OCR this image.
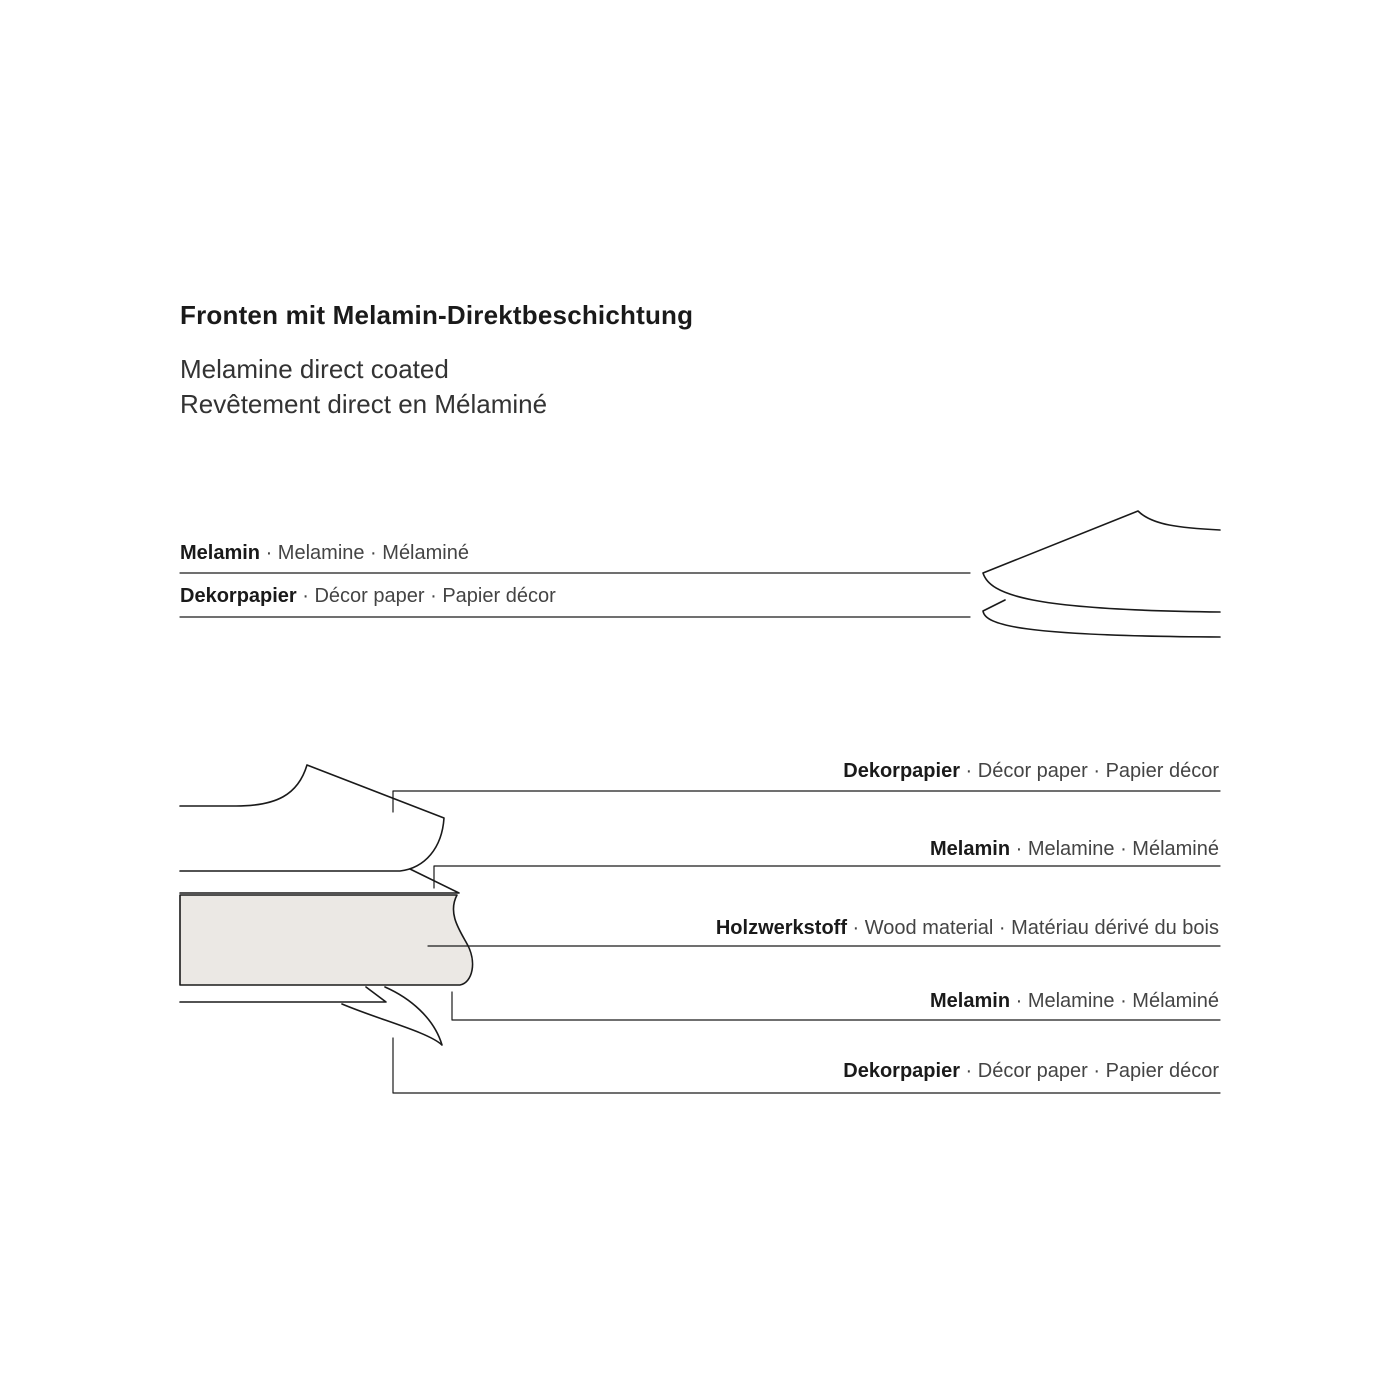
Fronten mit Melamin-Direktbeschichtung
Melamine direct coated
Revêtement direct en Mélaminé
Melamin · Melamine · Mélaminé
Dekorpapier · Décor paper · Papier décor
Dekorpapier · Décor paper · Papier décor
Melamin · Melamine · Mélaminé
Holzwerkstoff · Wood material · Matériau dérivé du bois
Melamin · Melamine · Mélaminé
Dekorpapier · Décor paper · Papier décor
